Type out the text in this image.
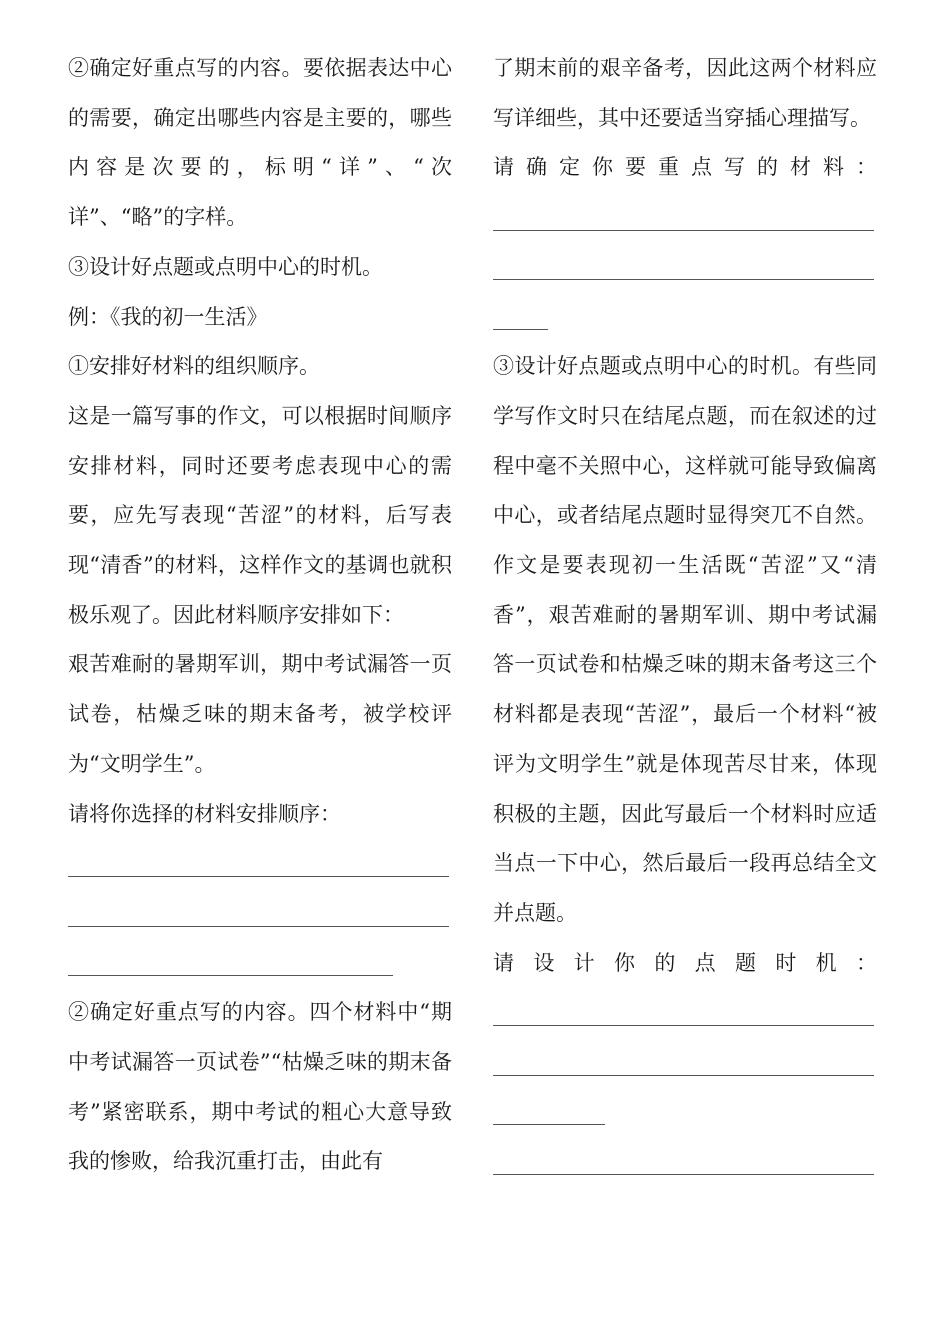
②确定好重点写的内容。要依据表达中心的需要，确定出哪些内容是主要的，哪些内容是次要的，标明“详”、“次详”、“略”的字样。

③设计好点题或点明中心的时机。

例：《我的初一生活》

①安排好材料的组织顺序。

这是一篇写事的作文，可以根据时间顺序安排材料，同时还要考虑表现中心的需要，应先写表现“苦涩”的材料，后写表现“清香”的材料，这样作文的基调也就积极乐观了。因此材料顺序安排如下：

艰苦难耐的暑期军训，期中考试漏答一页试卷，枯燥乏味的期末备考，被学校评为“文明学生”。

请将你选择的材料安排顺序：

②确定好重点写的内容。四个材料中“期中考试漏答一页试卷”“枯燥乏味的期末备考”紧密联系，期中考试的粗心大意导致我的惨败，给我沉重打击，由此有

了期末前的艰辛备考，因此这两个材料应写详细些，其中还要适当穿插心理描写。

请确定你要重点写的材料：

③设计好点题或点明中心的时机。有些同学写作文时只在结尾点题，而在叙述的过程中毫不关照中心，这样就可能导致偏离中心，或者结尾点题时显得突兀不自然。作文是要表现初一生活既“苦涩”又“清香”，艰苦难耐的暑期军训、期中考试漏答一页试卷和枯燥乏味的期末备考这三个材料都是表现“苦涩”，最后一个材料“被评为文明学生”就是体现苦尽甘来，体现积极的主题，因此写最后一个材料时应适当点一下中心，然后最后一段再总结全文并点题。

请设计你的点题时机：
